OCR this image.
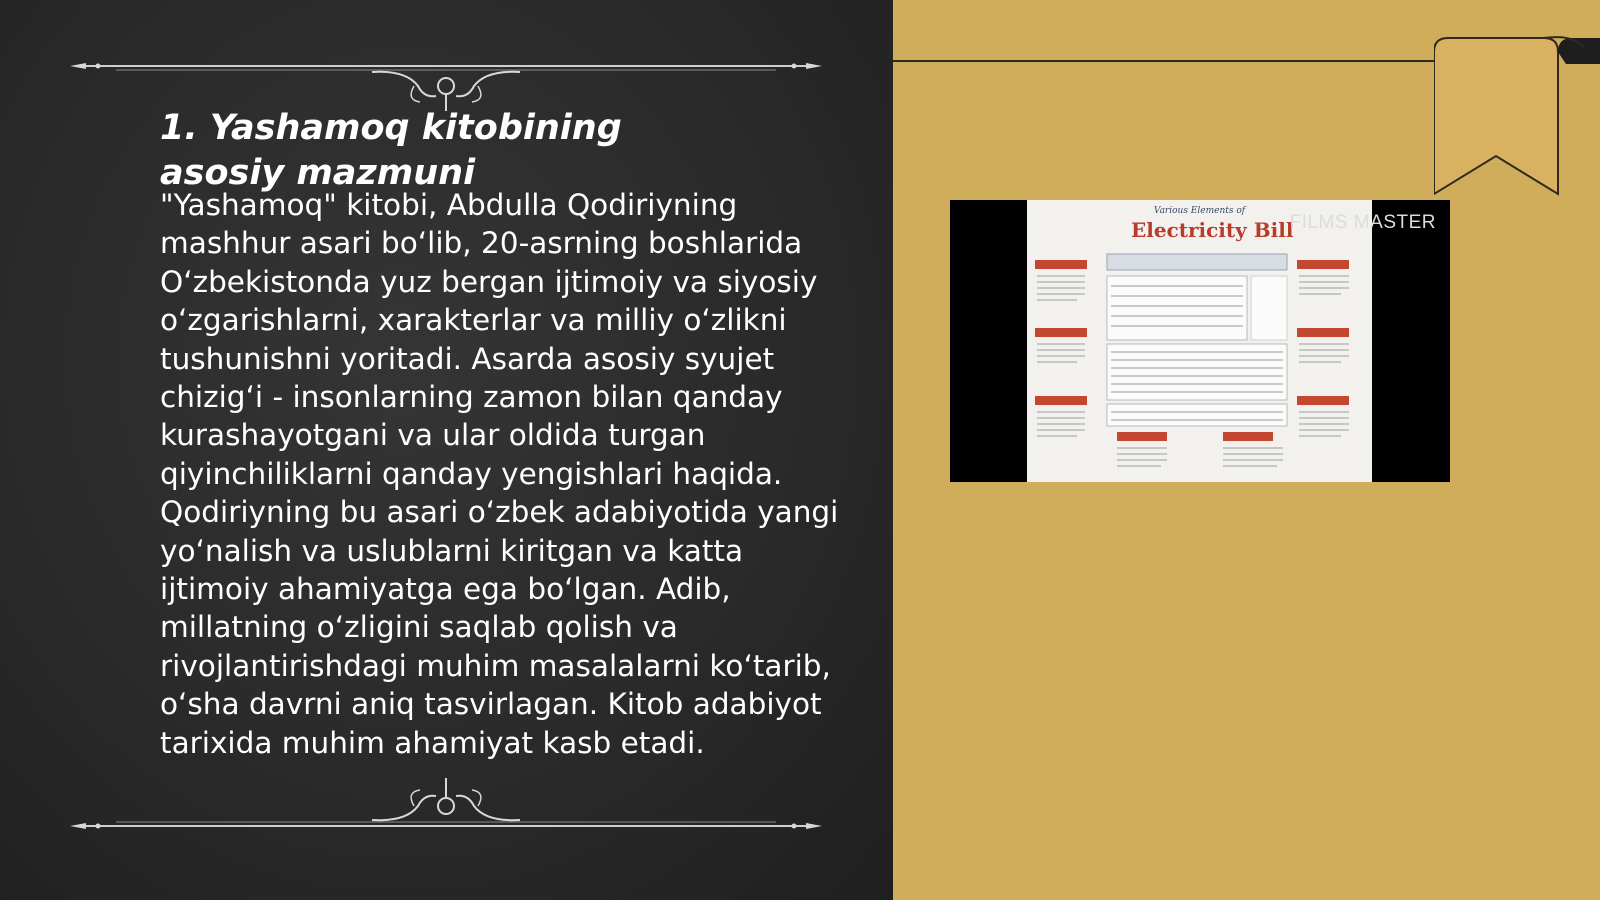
1. Yashamoq kitobining asosiy mazmuni

"Yashamoq" kitobi, Abdulla Qodiriyning mashhur asari bo‘lib, 20-asrning boshlarida O‘zbekistonda yuz bergan ijtimoiy va siyosiy o‘zgarishlarni, xarakterlar va milliy o‘zlikni tushunishni yoritadi. Asarda asosiy syujet chizig‘i - insonlarning zamon bilan qanday kurashayotgani va ular oldida turgan qiyinchiliklarni qanday yengishlari haqida. Qodiriyning bu asari o‘zbek adabiyotida yangi yo‘nalish va uslublarni kiritgan va katta ijtimoiy ahamiyatga ega bo‘lgan. Adib, millatning o‘zligini saqlab qolish va rivojlantirishdagi muhim masalalarni ko‘tarib, o‘sha davrni aniq tasvirlagan. Kitob adabiyot tarixida muhim ahamiyat kasb etadi.

Various Elements of
Electricity Bill
FILMS MASTER
